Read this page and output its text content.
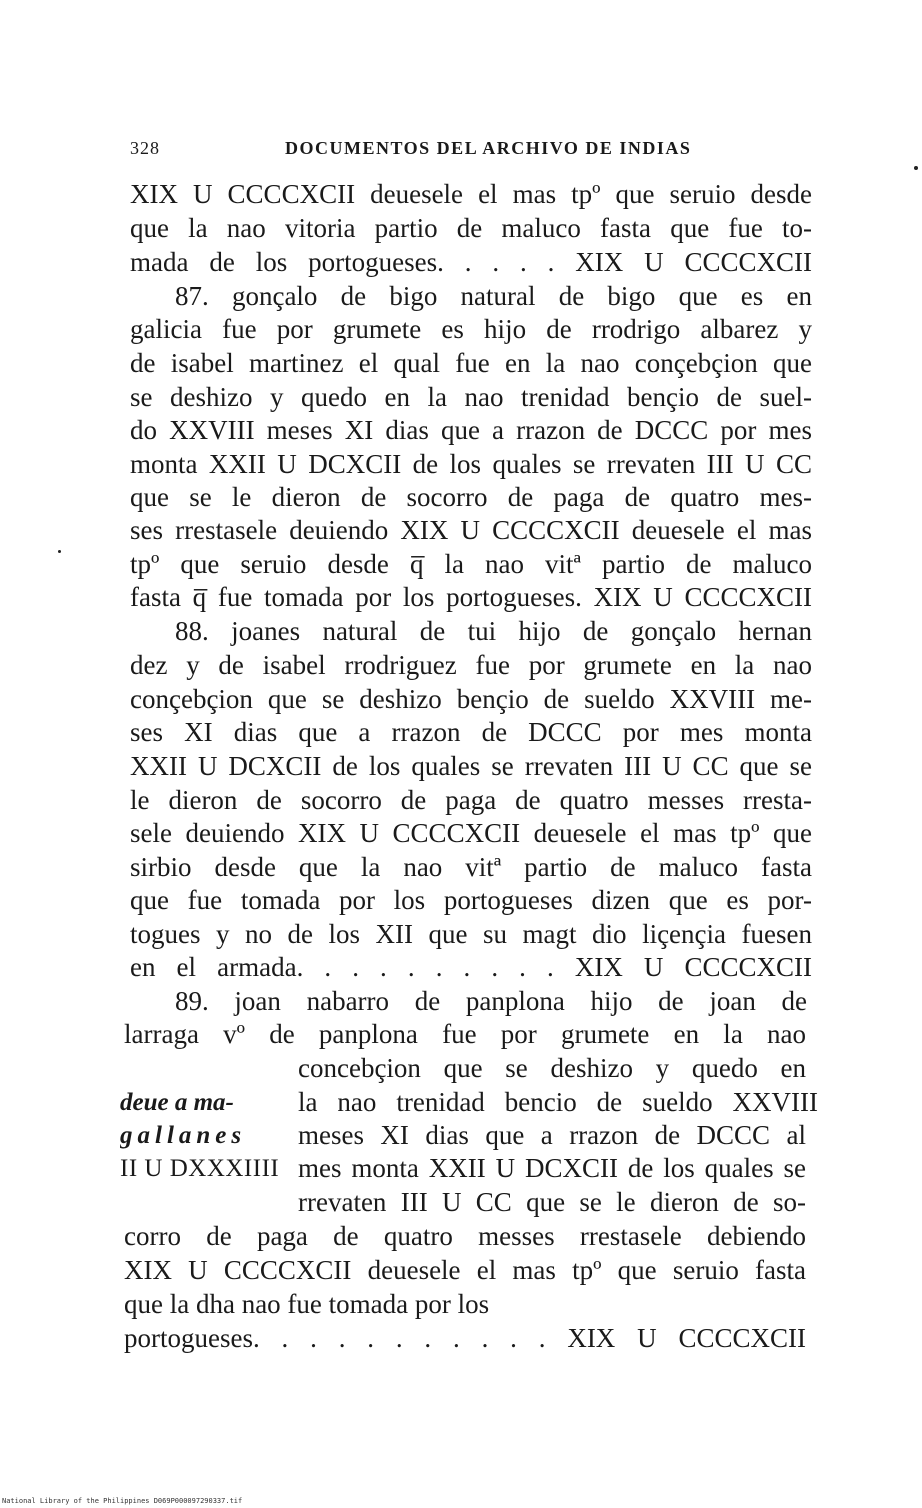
328	DOCUMENTOS DEL ARCHIVO DE INDIAS
XIX U CCCCXCII deuesele el mas tpº que seruio desde
que la nao vitoria partio de maluco fasta que fue to-
mada de los portogueses. . . . . XIX U CCCCXCII
87. gonçalo de bigo natural de bigo que es en
galicia fue por grumete es hijo de rrodrigo albarez y
de isabel martinez el qual fue en la nao conçebçion que
se deshizo y quedo en la nao trenidad bençio de suel-
do XXVIII meses XI dias que a rrazon de DCCC por mes
monta XXII U DCXCII de los quales se rrevaten III U CC
que se le dieron de socorro de paga de quatro mes-
ses rrestasele deuiendo XIX U CCCCXCII deuesele el mas
tpº que seruio desde q̅ la nao vitª partio de maluco
fasta q̅ fue tomada por los portogueses. XIX U CCCCXCII
88. joanes natural de tui hijo de gonçalo hernan
dez y de isabel rrodriguez fue por grumete en la nao
conçebçion que se deshizo bençio de sueldo XXVIII me-
ses XI dias que a rrazon de DCCC por mes monta
XXII U DCXCII de los quales se rrevaten III U CC que se
le dieron de socorro de paga de quatro messes rresta-
sele deuiendo XIX U CCCCXCII deuesele el mas tpº que
sirbio desde que la nao vitª partio de maluco fasta
que fue tomada por los portogueses dizen que es por-
togues y no de los XII que su magt dio liçençia fuesen
en el armada. . . . . . . . . . XIX U CCCCXCII
89. joan nabarro de panplona hijo de joan de
larraga vº de panplona fue por grumete en la nao
concebçion que se deshizo y quedo en
la nao trenidad bencio de sueldo XXVIII
meses XI dias que a rrazon de DCCC al
mes monta XXII U DCXCII de los quales se
rrevaten III U CC que se le dieron de so-
deue a ma-
gallanes
II U DXXXIIII
corro de paga de quatro messes rrestasele debiendo
XIX U CCCCXCII deuesele el mas tpº que seruio fasta
que la dha nao fue tomada por los
portogueses. . . . . . . . . . . XIX U CCCCXCII
National Library of the Philippines D069P000097290337.tif
